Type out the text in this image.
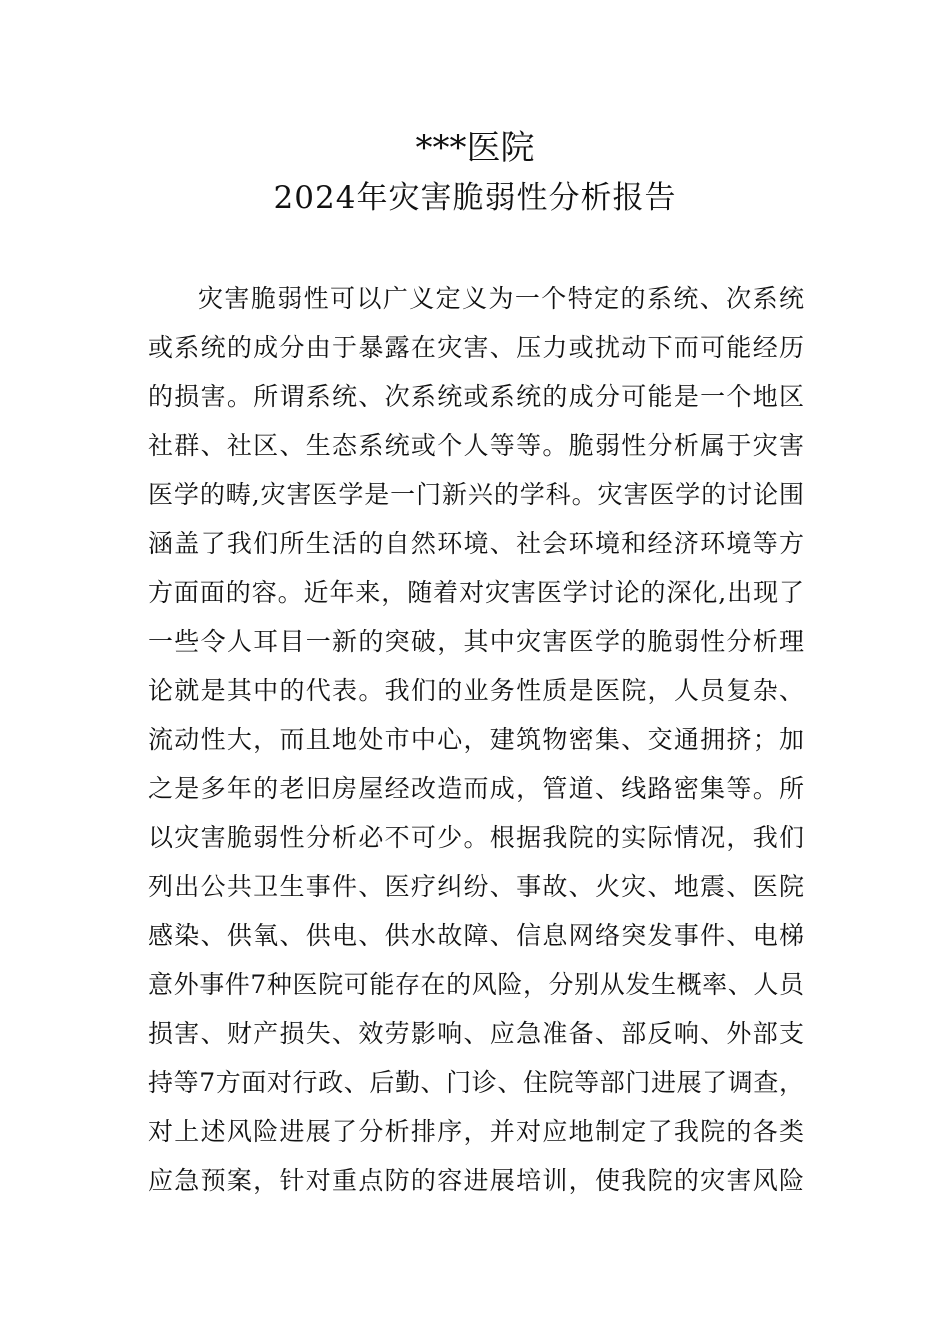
***医院
2024年灾害脆弱性分析报告

灾害脆弱性可以广义定义为一个特定的系统、次系统

或系统的成分由于暴露在灾害、压力或扰动下而可能经历

的损害。所谓系统、次系统或系统的成分可能是一个地区

社群、社区、生态系统或个人等等。脆弱性分析属于灾害

医学的畴,灾害医学是一门新兴的学科。灾害医学的讨论围

涵盖了我们所生活的自然环境、社会环境和经济环境等方

方面面的容。近年来，随着对灾害医学讨论的深化,出现了

一些令人耳目一新的突破，其中灾害医学的脆弱性分析理

论就是其中的代表。我们的业务性质是医院，人员复杂、

流动性大，而且地处市中心，建筑物密集、交通拥挤；加

之是多年的老旧房屋经改造而成，管道、线路密集等。所

以灾害脆弱性分析必不可少。根据我院的实际情况，我们

列出公共卫生事件、医疗纠纷、事故、火灾、地震、医院

感染、供氧、供电、供水故障、信息网络突发事件、电梯

意外事件7种医院可能存在的风险，分别从发生概率、人员

损害、财产损失、效劳影响、应急准备、部反响、外部支

持等7方面对行政、后勤、门诊、住院等部门进展了调查，

对上述风险进展了分析排序，并对应地制定了我院的各类

应急预案，针对重点防的容进展培训，使我院的灾害风险
